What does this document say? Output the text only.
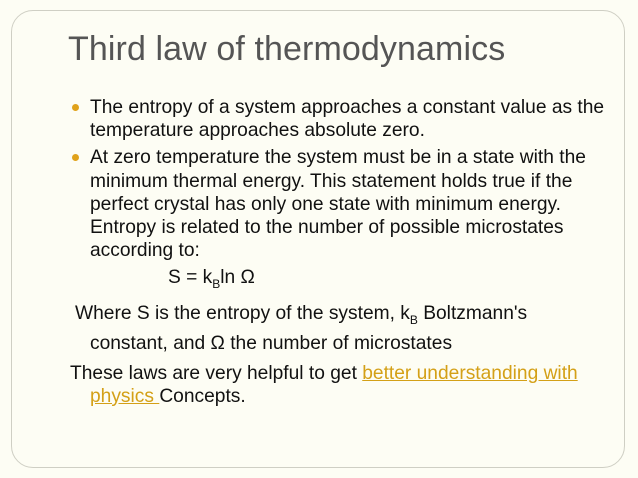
Third law of thermodynamics
The entropy of a system approaches a constant value as the temperature approaches absolute zero.
At zero temperature the system must be in a state with the minimum thermal energy. This statement holds true if the perfect crystal has only one state with minimum energy. Entropy is related to the number of possible microstates according to:
$S = k_B\ln$ Ω
Where S is the entropy of the system, $k_B$ Boltzmann's constant, and Ω the number of microstates
These laws are very helpful to get better understanding with physics Concepts.
